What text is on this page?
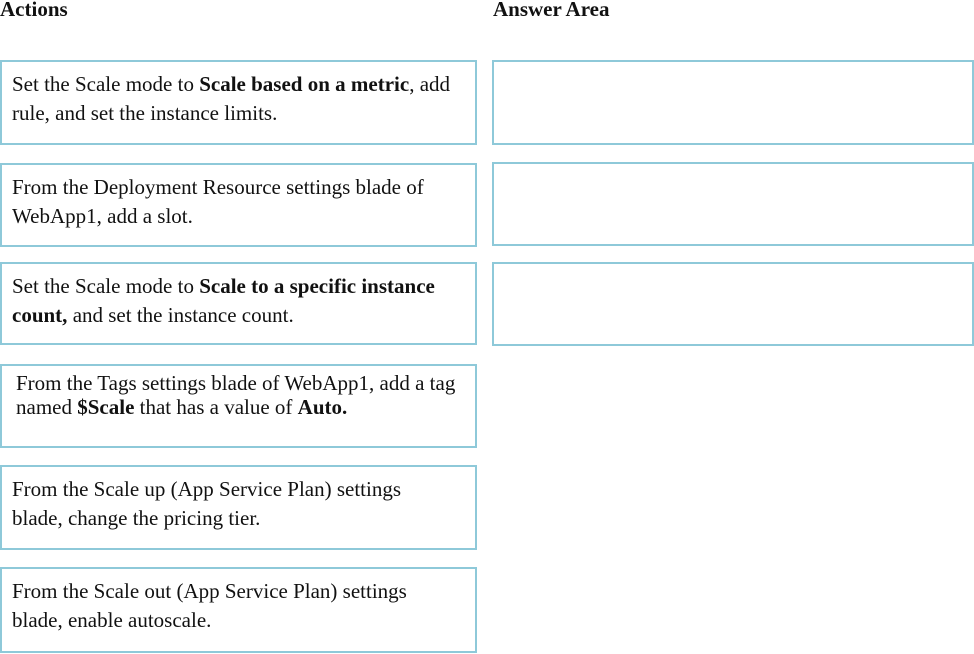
Actions	Answer Area
Set the Scale mode to Scale based on a metric, add rule, and set the instance limits.
From the Deployment Resource settings blade of WebApp1, add a slot.
Set the Scale mode to Scale to a specific instance count, and set the instance count.
From the Tags settings blade of WebApp1, add a tag named $Scale that has a value of Auto.
From the Scale up (App Service Plan) settings blade, change the pricing tier.
From the Scale out (App Service Plan) settings blade, enable autoscale.
